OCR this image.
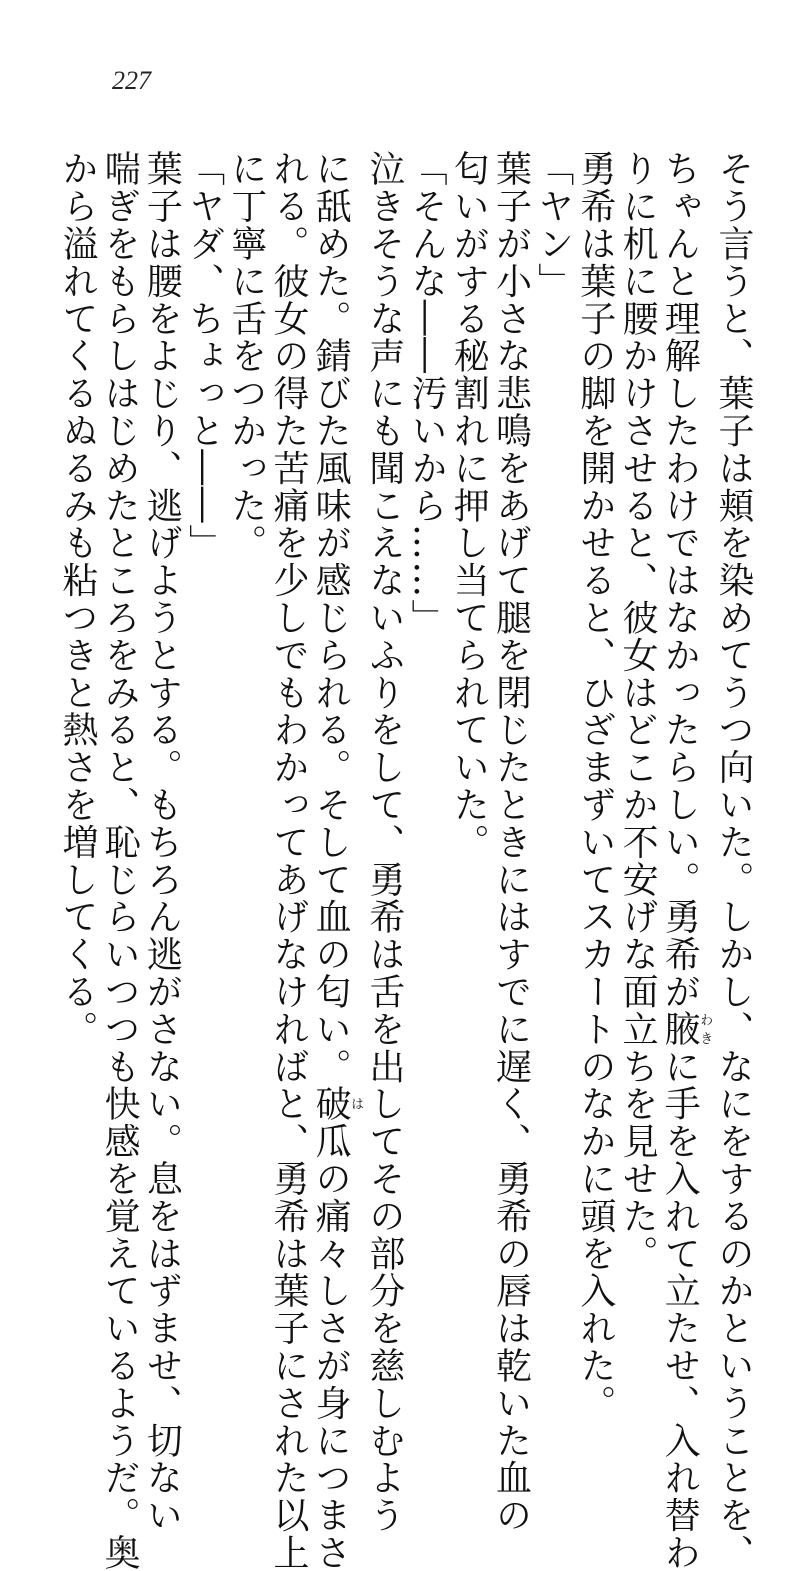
227
そう言うと、葉子は頬を染めてうつ向いた。しかし、なにをするのかということを、
ちゃんと理解したわけではなかったらしい。勇希が腋わきに手を入れて立たせ、入れ替わ
りに机に腰かけさせると、彼女はどこか不安げな面立ちを見せた。
勇希は葉子の脚を開かせると、ひざまずいてスカートのなかに頭を入れた。
「ヤン」
葉子が小さな悲鳴をあげて腿を閉じたときにはすでに遅く、勇希の唇は乾いた血の
匂いがする秘割れに押し当てられていた。
「そんな――汚いから……」
泣きそうな声にも聞こえないふりをして、勇希は舌を出してその部分を慈しむよう
に舐めた。錆びた風味が感じられる。そして血の匂い。破は瓜の痛々しさが身につまさ
れる。彼女の得た苦痛を少しでもわかってあげなければと、勇希は葉子にされた以上
に丁寧に舌をつかった。
「ヤダ、ちょっと――」
葉子は腰をよじり、逃げようとする。もちろん逃がさない。息をはずませ、切ない
喘ぎをもらしはじめたところをみると、恥じらいつつも快感を覚えているようだ。奥
から溢れてくるぬるみも粘つきと熱さを増してくる。
